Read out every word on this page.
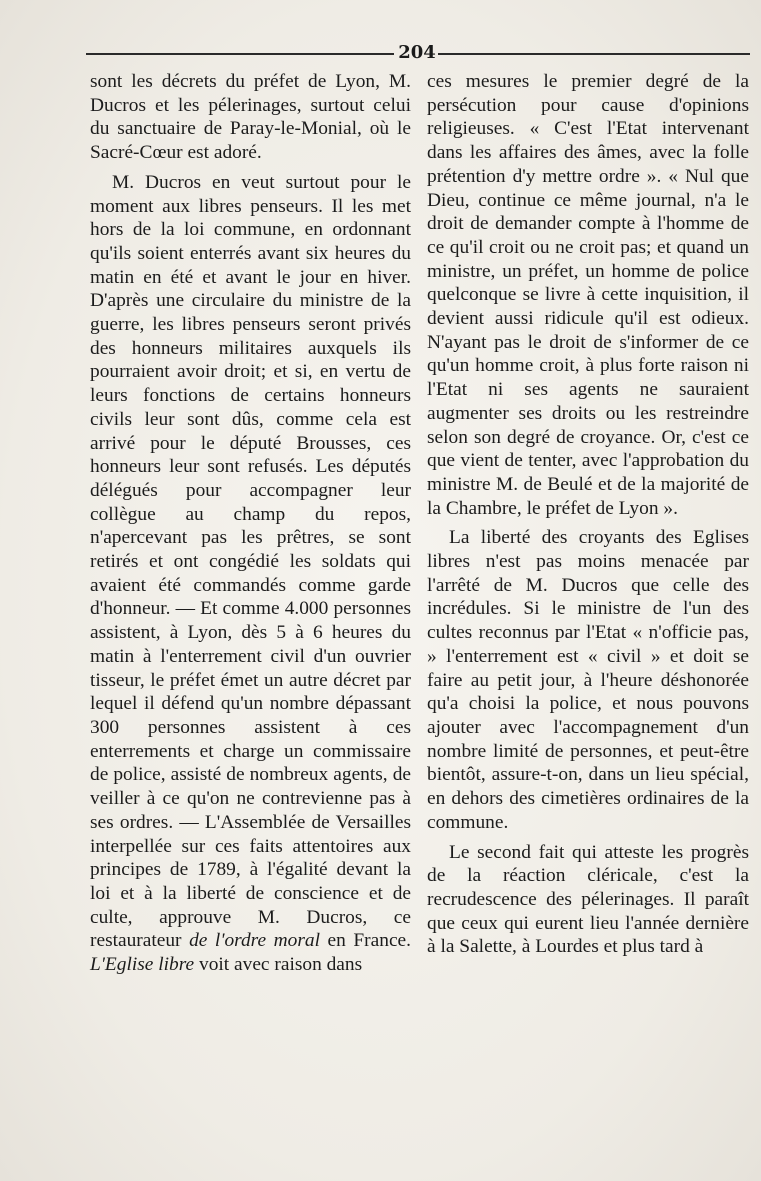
204

sont les décrets du préfet de Lyon, M. Ducros et les pélerinages, surtout celui du sanctuaire de Paray-le-Monial, où le Sacré-Cœur est adoré.

M. Ducros en veut surtout pour le moment aux libres penseurs. Il les met hors de la loi commune, en ordonnant qu'ils soient enterrés avant six heures du matin en été et avant le jour en hiver. D'après une circulaire du ministre de la guerre, les libres penseurs seront privés des honneurs militaires auxquels ils pourraient avoir droit; et si, en vertu de leurs fonctions de certains honneurs civils leur sont dûs, comme cela est arrivé pour le député Brousses, ces honneurs leur sont refusés. Les députés délégués pour accompagner leur collègue au champ du repos, n'apercevant pas les prêtres, se sont retirés et ont congédié les soldats qui avaient été commandés comme garde d'honneur. — Et comme 4.000 personnes assistent, à Lyon, dès 5 à 6 heures du matin à l'enterrement civil d'un ouvrier tisseur, le préfet émet un autre décret par lequel il défend qu'un nombre dépassant 300 personnes assistent à ces enterrements et charge un commissaire de police, assisté de nombreux agents, de veiller à ce qu'on ne contrevienne pas à ses ordres. — L'Assemblée de Versailles interpellée sur ces faits attentoires aux principes de 1789, à l'égalité devant la loi et à la liberté de conscience et de culte, approuve M. Ducros, ce restaurateur de l'ordre moral en France. L'Eglise libre voit avec raison dans

ces mesures le premier degré de la persécution pour cause d'opinions religieuses. « C'est l'Etat intervenant dans les affaires des âmes, avec la folle prétention d'y mettre ordre ». « Nul que Dieu, continue ce même journal, n'a le droit de demander compte à l'homme de ce qu'il croit ou ne croit pas; et quand un ministre, un préfet, un homme de police quelconque se livre à cette inquisition, il devient aussi ridicule qu'il est odieux. N'ayant pas le droit de s'informer de ce qu'un homme croit, à plus forte raison ni l'Etat ni ses agents ne sauraient augmenter ses droits ou les restreindre selon son degré de croyance. Or, c'est ce que vient de tenter, avec l'approbation du ministre M. de Beulé et de la majorité de la Chambre, le préfet de Lyon ».

La liberté des croyants des Eglises libres n'est pas moins menacée par l'arrêté de M. Ducros que celle des incrédules. Si le ministre de l'un des cultes reconnus par l'Etat « n'officie pas, » l'enterrement est « civil » et doit se faire au petit jour, à l'heure déshonorée qu'a choisi la police, et nous pouvons ajouter avec l'accompagnement d'un nombre limité de personnes, et peut-être bientôt, assure-t-on, dans un lieu spécial, en dehors des cimetières ordinaires de la commune.

Le second fait qui atteste les progrès de la réaction cléricale, c'est la recrudescence des pélerinages. Il paraît que ceux qui eurent lieu l'année dernière à la Salette, à Lourdes et plus tard à
